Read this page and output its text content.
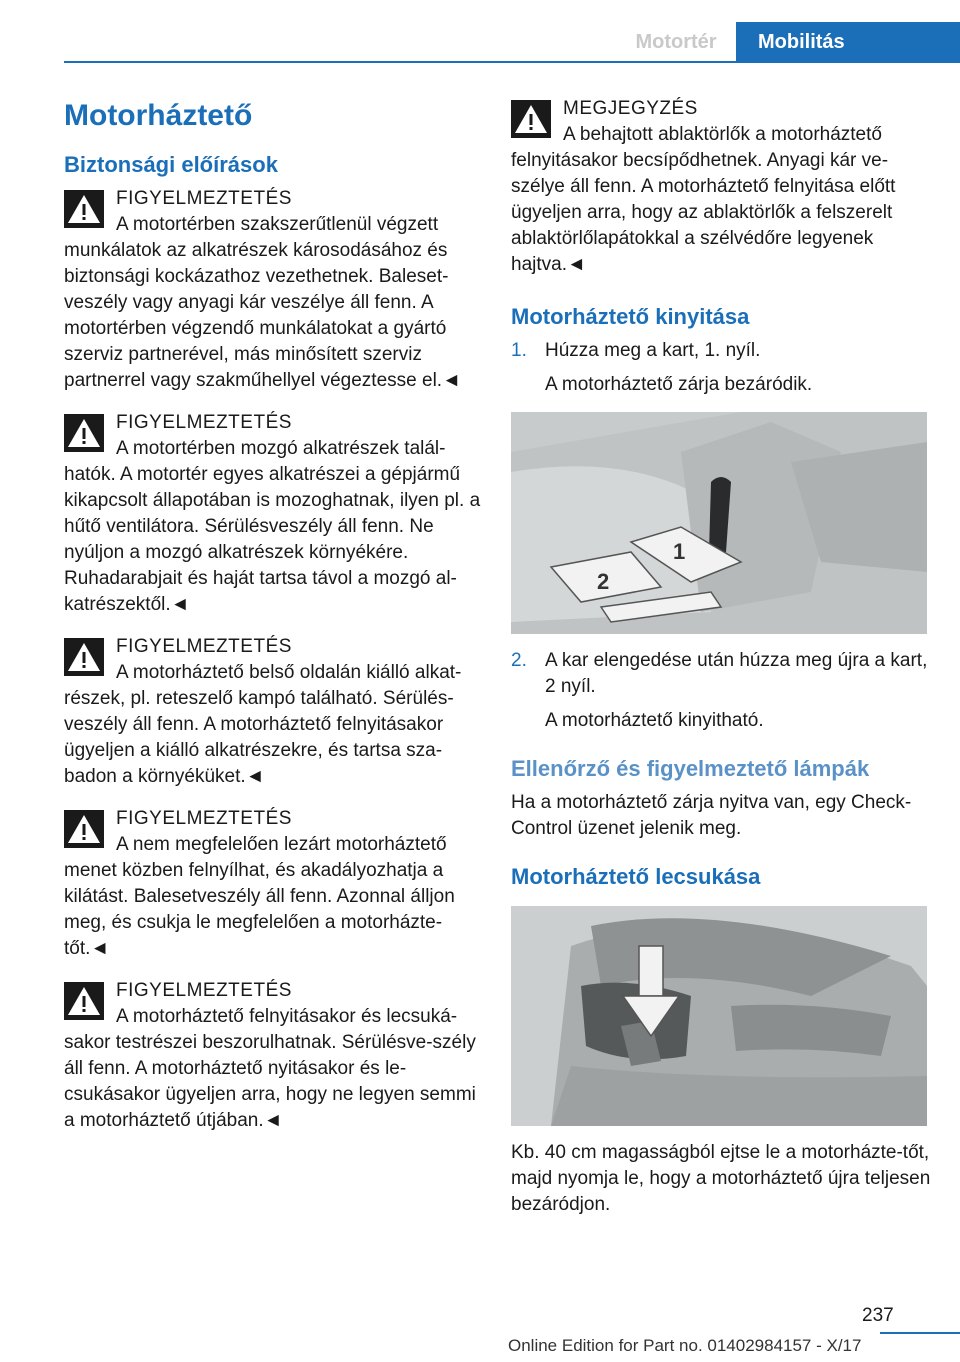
Motortér	Mobilitás
Motorháztető
Biztonsági előírások
FIGYELMEZTETÉS
A motortérben szakszerűtlenül végzett munkálatok az alkatrészek károsodásához és biztonsági kockázathoz vezethetnek. Baleset-veszély vagy anyagi kár veszélye áll fenn. A motortérben végzendő munkálatokat a gyártó szerviz partnerével, más minősített szerviz partnerrel vagy szakműhellyel végeztesse el.◄
FIGYELMEZTETÉS
A motortérben mozgó alkatrészek talál-hatók. A motortér egyes alkatrészei a gépjármű kikapcsolt állapotában is mozoghatnak, ilyen pl. a hűtő ventilátora. Sérülésveszély áll fenn. Ne nyúljon a mozgó alkatrészek környékére. Ruhadarabjait és haját tartsa távol a mozgó al-katrészektől.◄
FIGYELMEZTETÉS
A motorháztető belső oldalán kiálló alkat-részek, pl. reteszelő kampó található. Sérülés-veszély áll fenn. A motorháztető felnyitásakor ügyeljen a kiálló alkatrészekre, és tartsa sza-badon a környéküket.◄
FIGYELMEZTETÉS
A nem megfelelően lezárt motorháztető menet közben felnyílhat, és akadályozhatja a kilátást. Balesetveszély áll fenn. Azonnal álljon meg, és csukja le megfelelően a motorházte-tőt.◄
FIGYELMEZTETÉS
A motorháztető felnyitásakor és lecsuká-sakor testrészei beszorulhatnak. Sérülésve-szély áll fenn. A motorháztető nyitásakor és le-csukásakor ügyeljen arra, hogy ne legyen semmi a motorháztető útjában.◄
MEGJEGYZÉS
A behajtott ablaktörlők a motorháztető felnyitásakor becsípődhetnek. Anyagi kár ve-szélye áll fenn. A motorháztető felnyitása előtt ügyeljen arra, hogy az ablaktörlők a felszerelt ablaktörlőlapátokkal a szélvédőre legyenek hajtva.◄
Motorháztető kinyitása
1. Húzza meg a kart, 1. nyíl.
A motorháztető zárja bezáródik.
1
2
2. A kar elengedése után húzza meg újra a kart, 2 nyíl.
A motorháztető kinyitható.
Ellenőrző és figyelmeztető lámpák

Ha a motorháztető zárja nyitva van, egy Check-Control üzenet jelenik meg.

Motorháztető lecsukása

Kb. 40 cm magasságból ejtse le a motorházte-tőt, majd nyomja le, hogy a motorháztető újra teljesen bezáródjon.

237
Online Edition for Part no. 01402984157 - X/17
